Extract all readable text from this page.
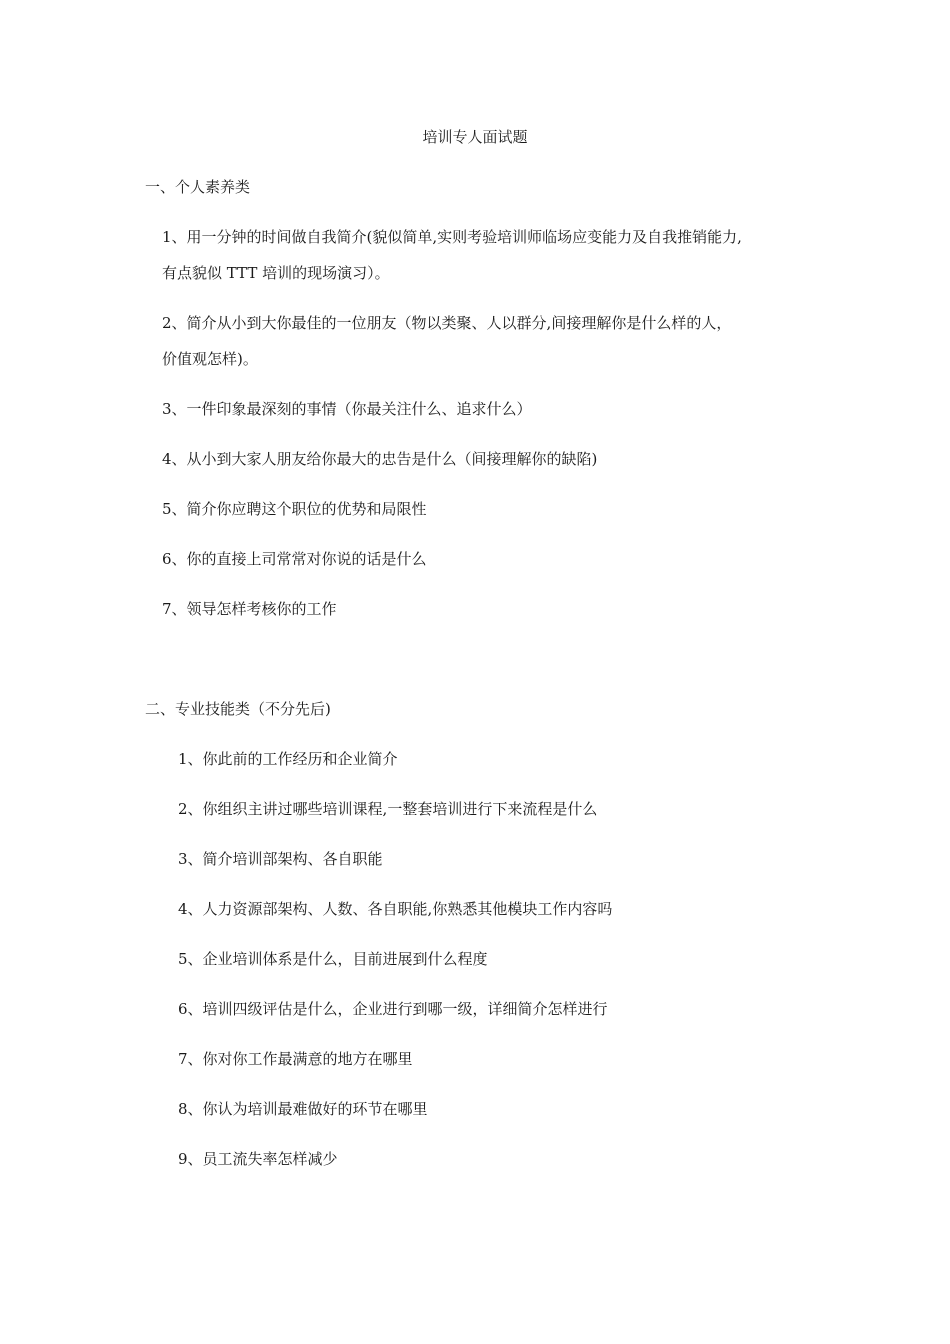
培训专人面试题
一、个人素养类
1、用一分钟的时间做自我简介(貌似简单,实则考验培训师临场应变能力及自我推销能力,
有点貌似 TTT 培训的现场演习）。
2、简介从小到大你最佳的一位朋友（物以类聚、人以群分,间接理解你是什么样的人，
价值观怎样)。
3、一件印象最深刻的事情（你最关注什么、追求什么）
4、从小到大家人朋友给你最大的忠告是什么（间接理解你的缺陷)
5、简介你应聘这个职位的优势和局限性
6、你的直接上司常常对你说的话是什么
7、领导怎样考核你的工作
二、专业技能类（不分先后)
1、你此前的工作经历和企业简介
2、你组织主讲过哪些培训课程,一整套培训进行下来流程是什么
3、简介培训部架构、各自职能
4、人力资源部架构、人数、各自职能,你熟悉其他模块工作内容吗
5、企业培训体系是什么，目前进展到什么程度
6、培训四级评估是什么，企业进行到哪一级，详细简介怎样进行
7、你对你工作最满意的地方在哪里
8、你认为培训最难做好的环节在哪里
9、员工流失率怎样减少
